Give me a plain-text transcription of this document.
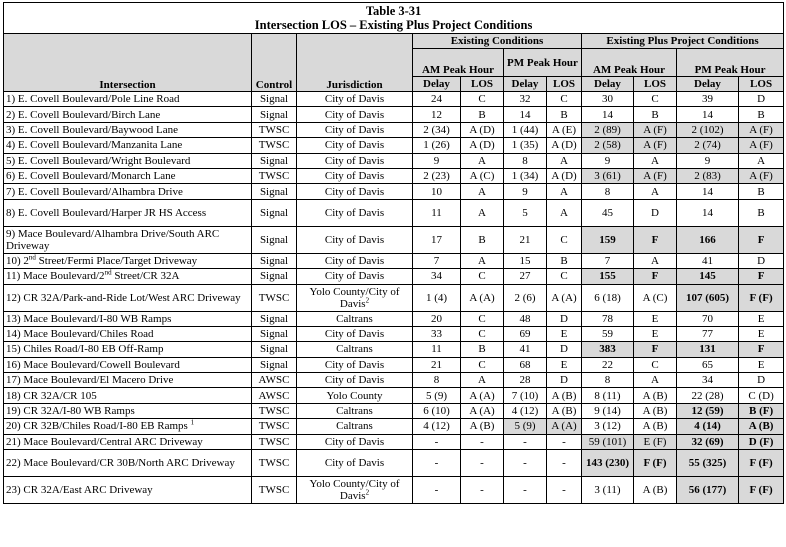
Table 3-31
Intersection LOS – Existing Plus Project Conditions										

Intersection	Control	Jurisdiction	Existing Conditions				Existing Plus Project Conditions			
			AM Peak Hour		PM Peak Hour		AM Peak Hour		PM Peak Hour	
			Delay	LOS	Delay	LOS	Delay	LOS	Delay	LOS
1) E. Covell Boulevard/Pole Line Road	Signal	City of Davis	24	C	32	C	30	C	39	D
2) E. Covell Boulevard/Birch Lane	Signal	City of Davis	12	B	14	B	14	B	14	B
3) E. Covell Boulevard/Baywood Lane	TWSC	City of Davis	2 (34)	A (D)	1 (44)	A (E)	2 (89)	A (F)	2 (102)	A (F)
4) E. Covell Boulevard/Manzanita Lane	TWSC	City of Davis	1 (26)	A (D)	1 (35)	A (D)	2 (58)	A (F)	2 (74)	A (F)
5) E. Covell Boulevard/Wright Boulevard	Signal	City of Davis	9	A	8	A	9	A	9	A
6) E. Covell Boulevard/Monarch Lane	TWSC	City of Davis	2 (23)	A (C)	1 (34)	A (D)	3 (61)	A (F)	2 (83)	A (F)
7) E. Covell Boulevard/Alhambra Drive	Signal	City of Davis	10	A	9	A	8	A	14	B
8) E. Covell Boulevard/Harper JR HS Access	Signal	City of Davis	11	A	5	A	45	D	14	B
9) Mace Boulevard/Alhambra Drive/South ARC Driveway	Signal	City of Davis	17	B	21	C	159	F	166	F
10) 2nd Street/Fermi Place/Target Driveway	Signal	City of Davis	7	A	15	B	7	A	41	D
11) Mace Boulevard/2nd Street/CR 32A	Signal	City of Davis	34	C	27	C	155	F	145	F
12) CR 32A/Park-and-Ride Lot/West ARC Driveway	TWSC	Yolo County/City of Davis$^2$	1 (4)	A (A)	2 (6)	A (A)	6 (18)	A (C)	107 (605)	F (F)
13) Mace Boulevard/I-80 WB Ramps	Signal	Caltrans	20	C	48	D	78	E	70	E
14) Mace Boulevard/Chiles Road	Signal	City of Davis	33	C	69	E	59	E	77	E
15) Chiles Road/I-80 EB Off-Ramp	Signal	Caltrans	11	B	41	D	383	F	131	F
16) Mace Boulevard/Cowell Boulevard	Signal	City of Davis	21	C	68	E	22	C	65	E
17) Mace Boulevard/El Macero Drive	AWSC	City of Davis	8	A	28	D	8	A	34	D
18) CR 32A/CR 105	AWSC	Yolo County	5 (9)	A (A)	7 (10)	A (B)	8 (11)	A (B)	22 (28)	C (D)
19) CR 32A/I-80 WB Ramps	TWSC	Caltrans	6 (10)	A (A)	4 (12)	A (B)	9 (14)	A (B)	12 (59)	B (F)
20) CR 32B/Chiles Road/I-80 EB Ramps $^1$	TWSC	Caltrans	4 (12)	A (B)	5 (9)	A (A)	3 (12)	A (B)	4 (14)	A (B)
21) Mace Boulevard/Central ARC Driveway	TWSC	City of Davis	-	-	-	-	59 (101)	E (F)	32 (69)	D (F)
22) Mace Boulevard/CR 30B/North ARC Driveway	TWSC	City of Davis	-	-	-	-	143 (230)	F (F)	55 (325)	F (F)
23) CR 32A/East ARC Driveway	TWSC	Yolo County/City of Davis$^2$	-	-	-	-	3 (11)	A (B)	56 (177)	F (F)
